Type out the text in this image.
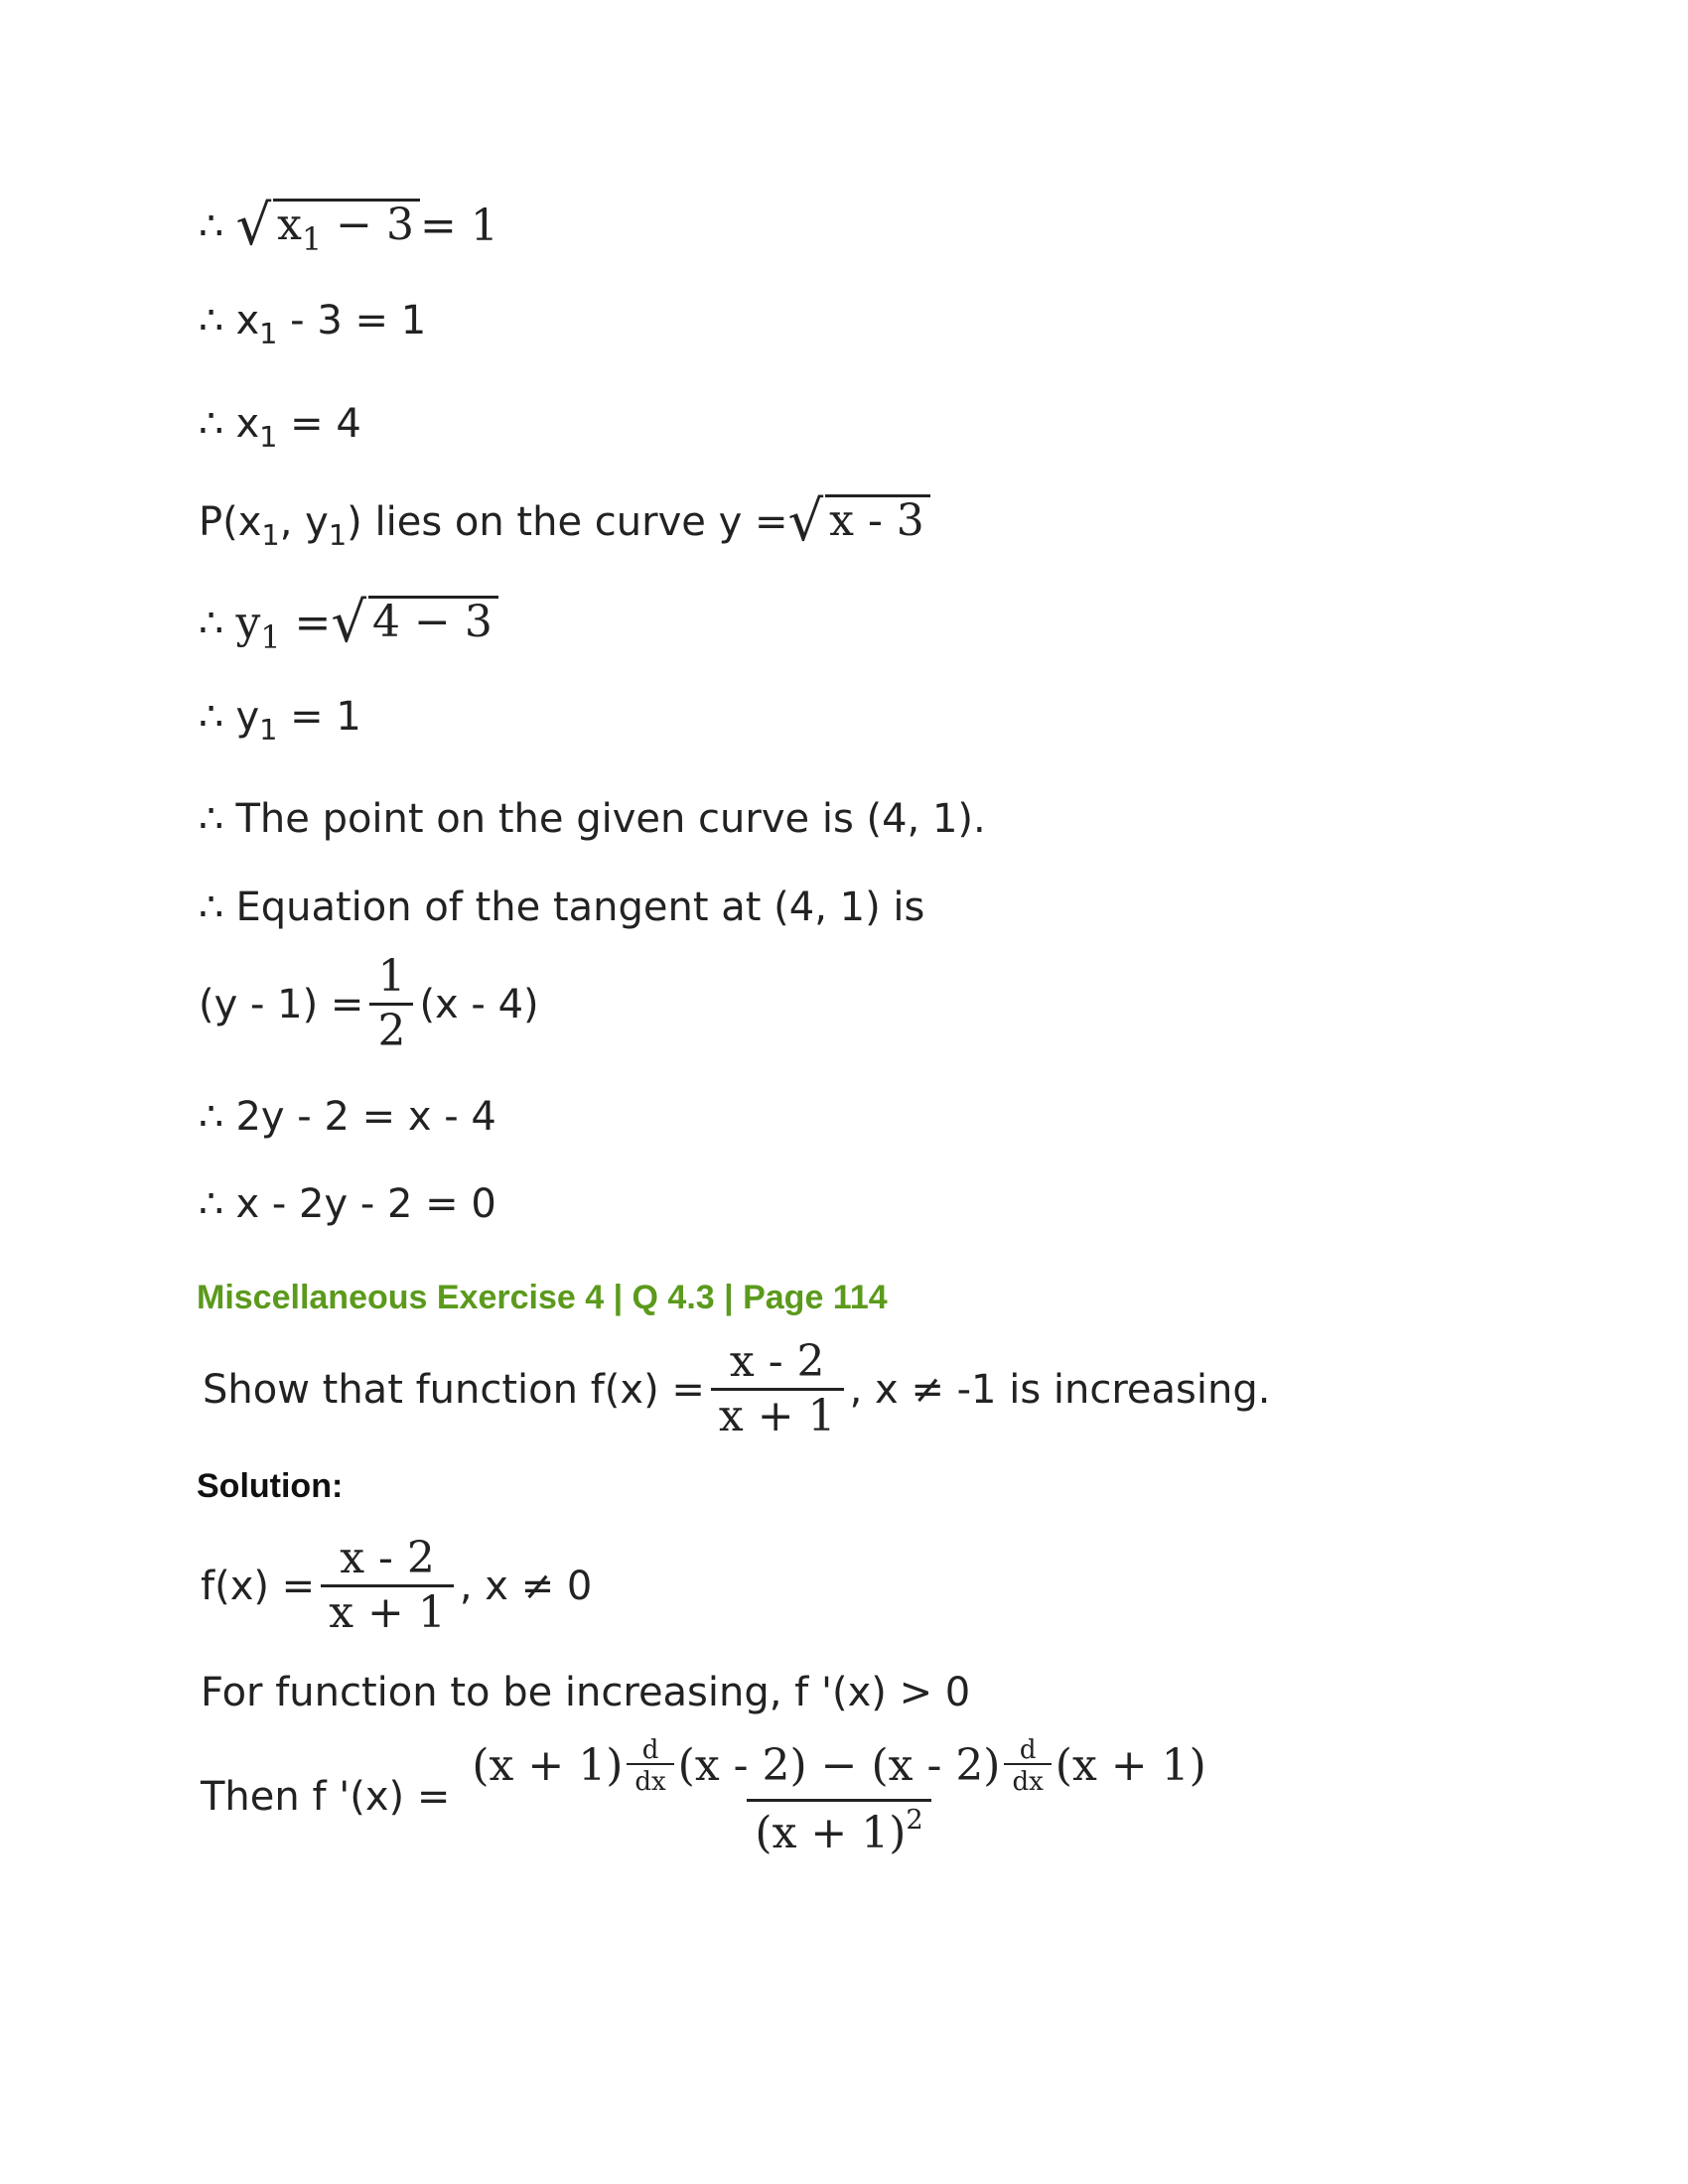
∴ √ $x_1 - 3 = 1$
∴ $x_1 - 3 = 1$
∴ $x_1 = 4$
$P(x_1$, $y_1$) lies on the curve y = √ x - 3
∴ $y_1$ = √ 4 − 3
∴ $y_1 = 1$
∴ The point on the given curve is (4, 1).
∴ Equation of the tangent at (4, 1) is
$(y - 1) = \frac{1}{2} (x - 4)$
∴ 2y - 2 = x - 4
∴ x - 2y - 2 = 0
Miscellaneous Exercise 4 | Q 4.3 | Page 114
Show that function $f(x) = \frac{x - 2}{x + 1}$ , x ≠ -1 is increasing.
Solution:
$f(x) = \frac{x - 2}{x + 1}$ , x ≠ 0
For function to be increasing, f '(x) > 0
Then f '(x) =
(x + 1) d
dx (x - 2) − (x - 2) d
dx (x + 1)
$(x + 1)^2$
